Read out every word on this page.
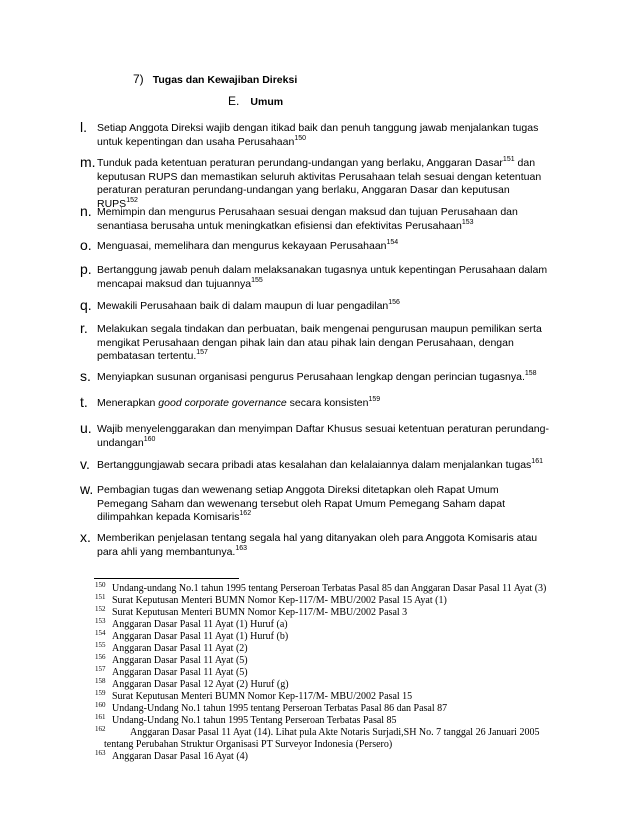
7) Tugas dan Kewajiban Direksi
E. Umum
l. Setiap Anggota Direksi wajib dengan itikad baik dan penuh tanggung jawab menjalankan tugas untuk kepentingan dan usaha Perusahaan$^{150}$
m. Tunduk pada ketentuan peraturan perundang-undangan yang berlaku, Anggaran Dasar$^{151}$ dan keputusan RUPS dan memastikan seluruh aktivitas Perusahaan telah sesuai dengan ketentuan peraturan peraturan perundang-undangan yang berlaku, Anggaran Dasar dan keputusan RUPS$^{152}$
n. Memimpin dan mengurus Perusahaan sesuai dengan maksud dan tujuan Perusahaan dan senantiasa berusaha untuk meningkatkan efisiensi dan efektivitas Perusahaan$^{153}$
o. Menguasai, memelihara dan mengurus kekayaan Perusahaan$^{154}$
p. Bertanggung jawab penuh dalam melaksanakan tugasnya untuk kepentingan Perusahaan dalam mencapai maksud dan tujuannya$^{155}$
q. Mewakili Perusahaan baik di dalam maupun di luar pengadilan$^{156}$
r. Melakukan segala tindakan dan perbuatan, baik mengenai pengurusan maupun pemilikan serta mengikat Perusahaan dengan pihak lain dan atau pihak lain dengan Perusahaan, dengan pembatasan tertentu.$^{157}$
s. Menyiapkan susunan organisasi pengurus Perusahaan lengkap dengan perincian tugasnya.$^{158}$
t. Menerapkan good corporate governance secara konsisten$^{159}$
u. Wajib menyelenggarakan dan menyimpan Daftar Khusus sesuai ketentuan peraturan perundang-undangan$^{160}$
v. Bertanggungjawab secara pribadi atas kesalahan dan kelalaiannya dalam menjalankan tugas$^{161}$
w. Pembagian tugas dan wewenang setiap Anggota Direksi ditetapkan oleh Rapat Umum Pemegang Saham dan wewenang tersebut oleh Rapat Umum Pemegang Saham dapat dilimpahkan kepada Komisaris$^{162}$
x. Memberikan penjelasan tentang segala hal yang ditanyakan oleh para Anggota Komisaris atau para ahli yang membantunya.$^{163}$
150 Undang-undang No.1 tahun 1995 tentang Perseroan Terbatas Pasal 85 dan Anggaran Dasar Pasal 11 Ayat (3)
151 Surat Keputusan Menteri BUMN Nomor Kep-117/M- MBU/2002 Pasal 15 Ayat (1)
152 Surat Keputusan Menteri BUMN Nomor Kep-117/M- MBU/2002 Pasal 3
153 Anggaran Dasar Pasal 11 Ayat (1) Huruf (a)
154 Anggaran Dasar Pasal 11 Ayat (1) Huruf (b)
155 Anggaran Dasar Pasal 11 Ayat (2)
156 Anggaran Dasar Pasal 11 Ayat (5)
157 Anggaran Dasar Pasal 11 Ayat (5)
158 Anggaran Dasar Pasal 12 Ayat (2) Huruf (g)
159 Surat Keputusan Menteri BUMN Nomor Kep-117/M- MBU/2002 Pasal 15
160 Undang-Undang No.1 tahun 1995 tentang Perseroan Terbatas Pasal 86 dan Pasal 87
161 Undang-Undang No.1 tahun 1995 Tentang Perseroan Terbatas Pasal 85
162 Anggaran Dasar Pasal 11 Ayat (14). Lihat pula Akte Notaris Surjadi,SH No. 7 tanggal 26 Januari 2005
tentang Perubahan Struktur Organisasi PT Surveyor Indonesia (Persero)
163 Anggaran Dasar Pasal 16 Ayat (4)
